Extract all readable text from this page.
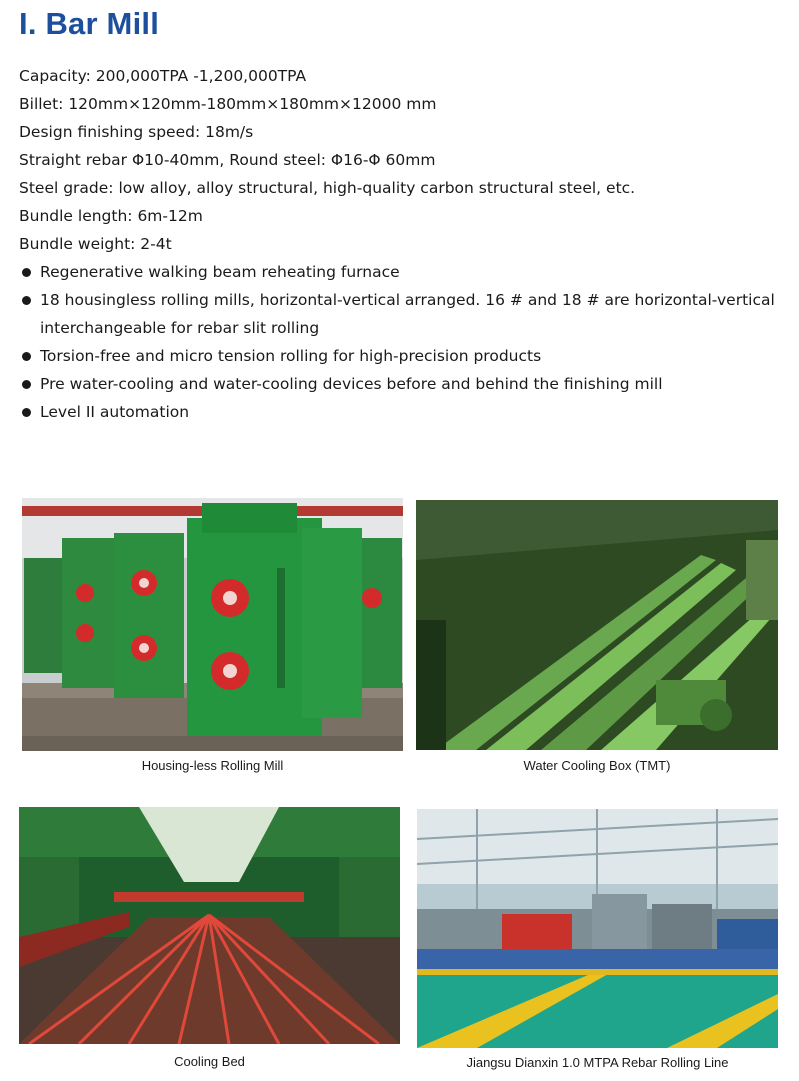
I. Bar Mill
Capacity: 200,000TPA -1,200,000TPA
Billet: 120mm×120mm-180mm×180mm×12000 mm
Design finishing speed: 18m/s
Straight rebar Φ10-40mm, Round steel: Φ16-Φ 60mm
Steel grade: low alloy, alloy structural, high-quality carbon structural steel, etc.
Bundle length: 6m-12m
Bundle weight: 2-4t
Regenerative walking beam reheating furnace
18 housingless rolling mills, horizontal-vertical arranged. 16 # and 18 # are horizontal-vertical interchangeable for rebar slit rolling
Torsion-free and micro tension rolling for high-precision products
Pre water-cooling and water-cooling devices before and behind the finishing mill
Level II automation
Housing-less Rolling Mill	Water Cooling Box (TMT)
Cooling Bed	Jiangsu Dianxin 1.0 MTPA Rebar Rolling Line
